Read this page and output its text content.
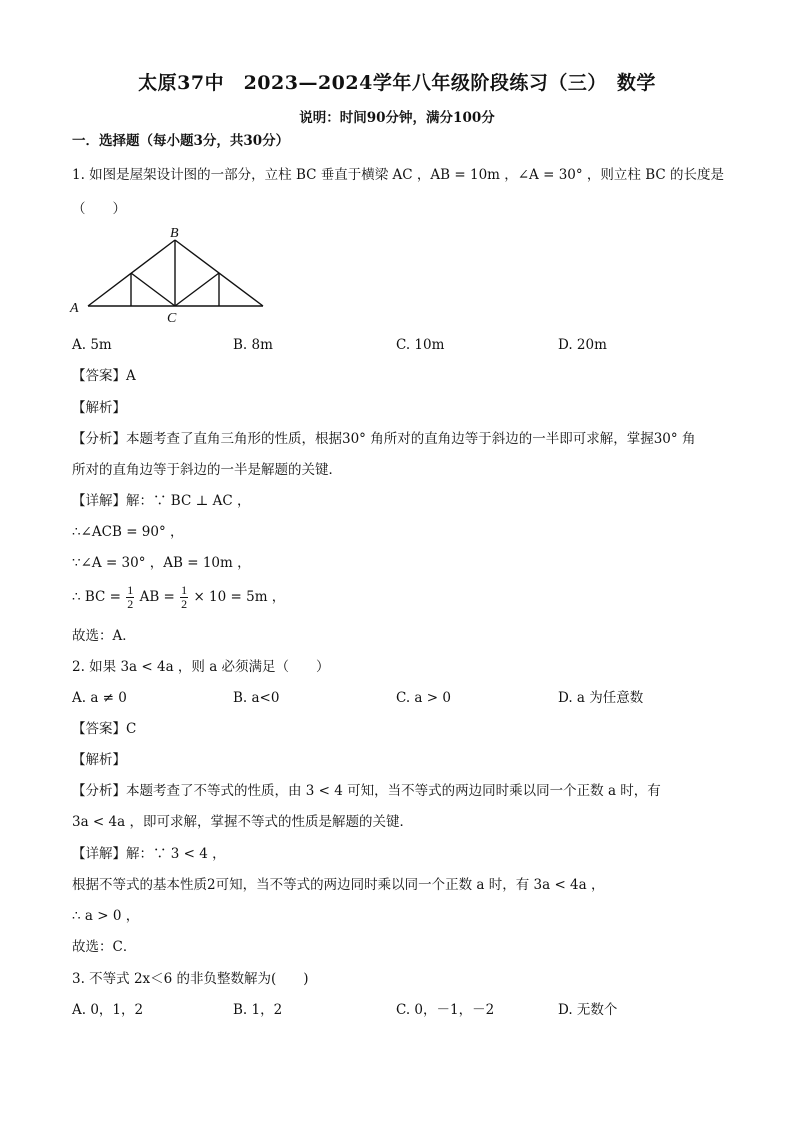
太原37中　2023—2024学年八年级阶段练习（三）　数学
说明：时间90分钟，满分100分
一．选择题（每小题3分，共30分）
1. 如图是屋架设计图的一部分，立柱 BC 垂直于横梁 AC ，AB = 10m ，∠A = 30° ，则立柱 BC 的长度是
（　　）
A
B
C
A. 5m	B. 8m	C. 10m	D. 20m
【答案】A
【解析】
【分析】本题考查了直角三角形的性质，根据30° 角所对的直角边等于斜边的一半即可求解，掌握30° 角
所对的直角边等于斜边的一半是解题的关键．
【详解】解：∵ BC ⊥ AC ，
∴∠ACB = 90° ，
∵∠A = 30° ，AB = 10m ，
∴ BC = $\frac{1}{2}$ AB = $\frac{1}{2} \times 10 = 5m$ ，
故选：A．
2. 如果 3a < 4a ，则 a 必须满足（　　）
A. a ≠ 0	B. a<0	C. a > 0	D. a 为任意数
【答案】C
【解析】
【分析】本题考查了不等式的性质，由 3 < 4 可知，当不等式的两边同时乘以同一个正数 a 时，有
3a < 4a ，即可求解，掌握不等式的性质是解题的关键．
【详解】解：∵ 3 < 4 ，
根据不等式的基本性质2可知，当不等式的两边同时乘以同一个正数 a 时，有 3a < 4a ，
∴ a > 0 ，
故选：C．
3. 不等式 2x＜6 的非负整数解为(　　)
A. 0，1，2	B. 1，2	C. 0，－1，－2	D. 无数个
